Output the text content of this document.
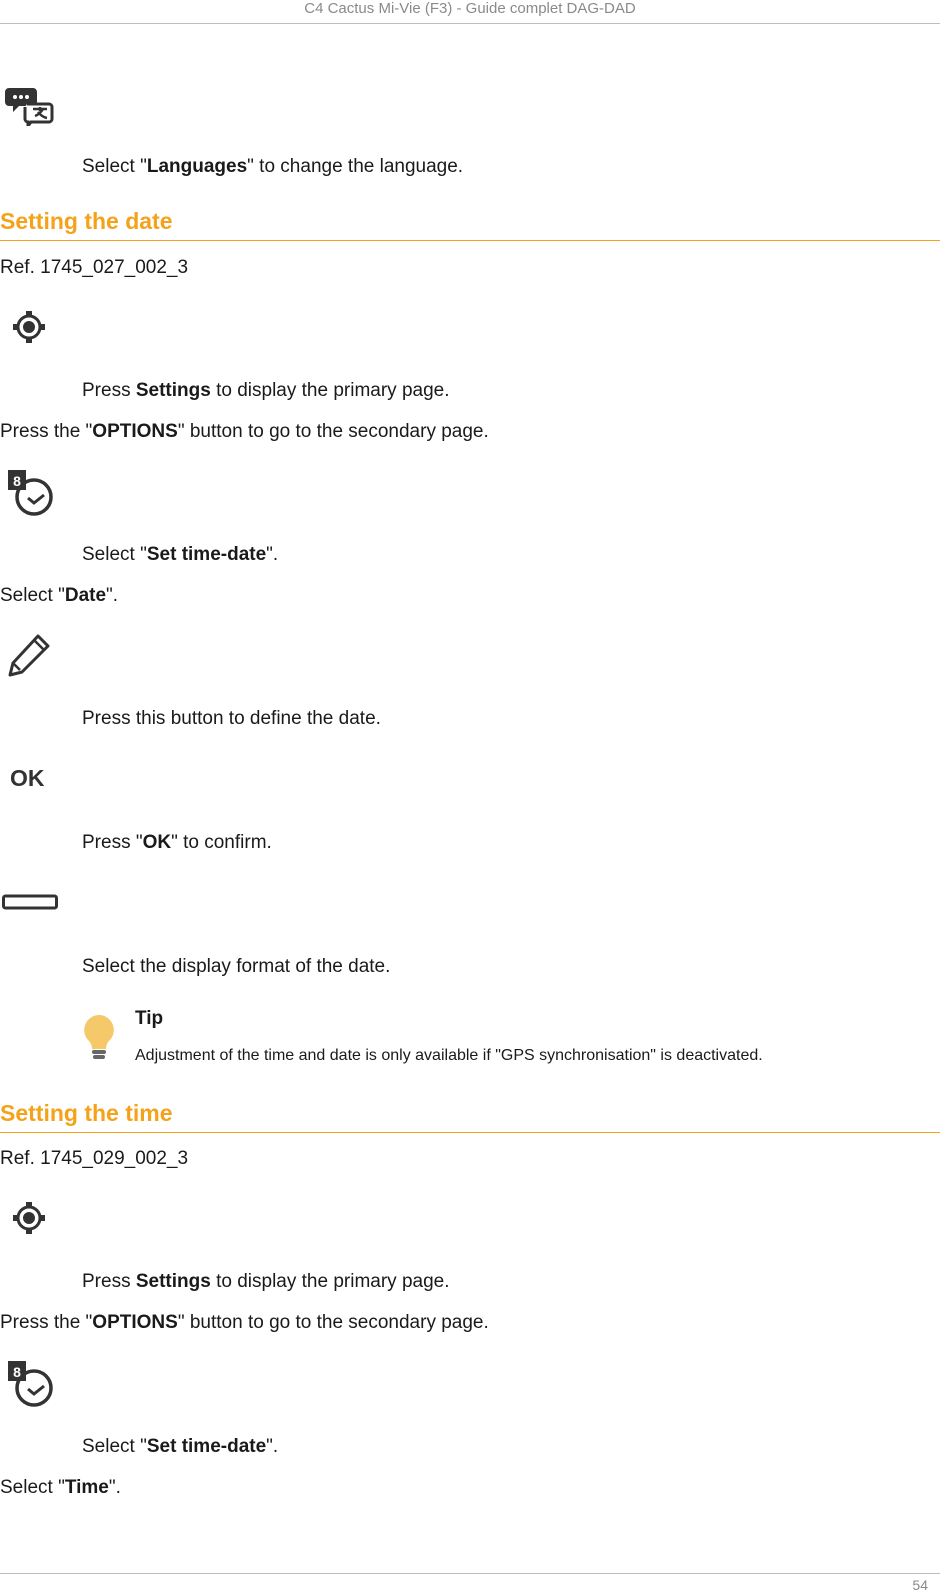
C4 Cactus Mi-Vie (F3) - Guide complet DAG-DAD
Select "Languages" to change the language.
Setting the date
Ref. 1745_027_002_3
Press Settings to display the primary page.
Press the "OPTIONS" button to go to the secondary page.
8
Select "Set time-date".
Select "Date".
Press this button to define the date.
OK
Press "OK" to confirm.
Select the display format of the date.
Tip
Adjustment of the time and date is only available if "GPS synchronisation" is deactivated.
Setting the time
Ref. 1745_029_002_3
Press Settings to display the primary page.
Press the "OPTIONS" button to go to the secondary page.
8
Select "Set time-date".
Select "Time".
54
